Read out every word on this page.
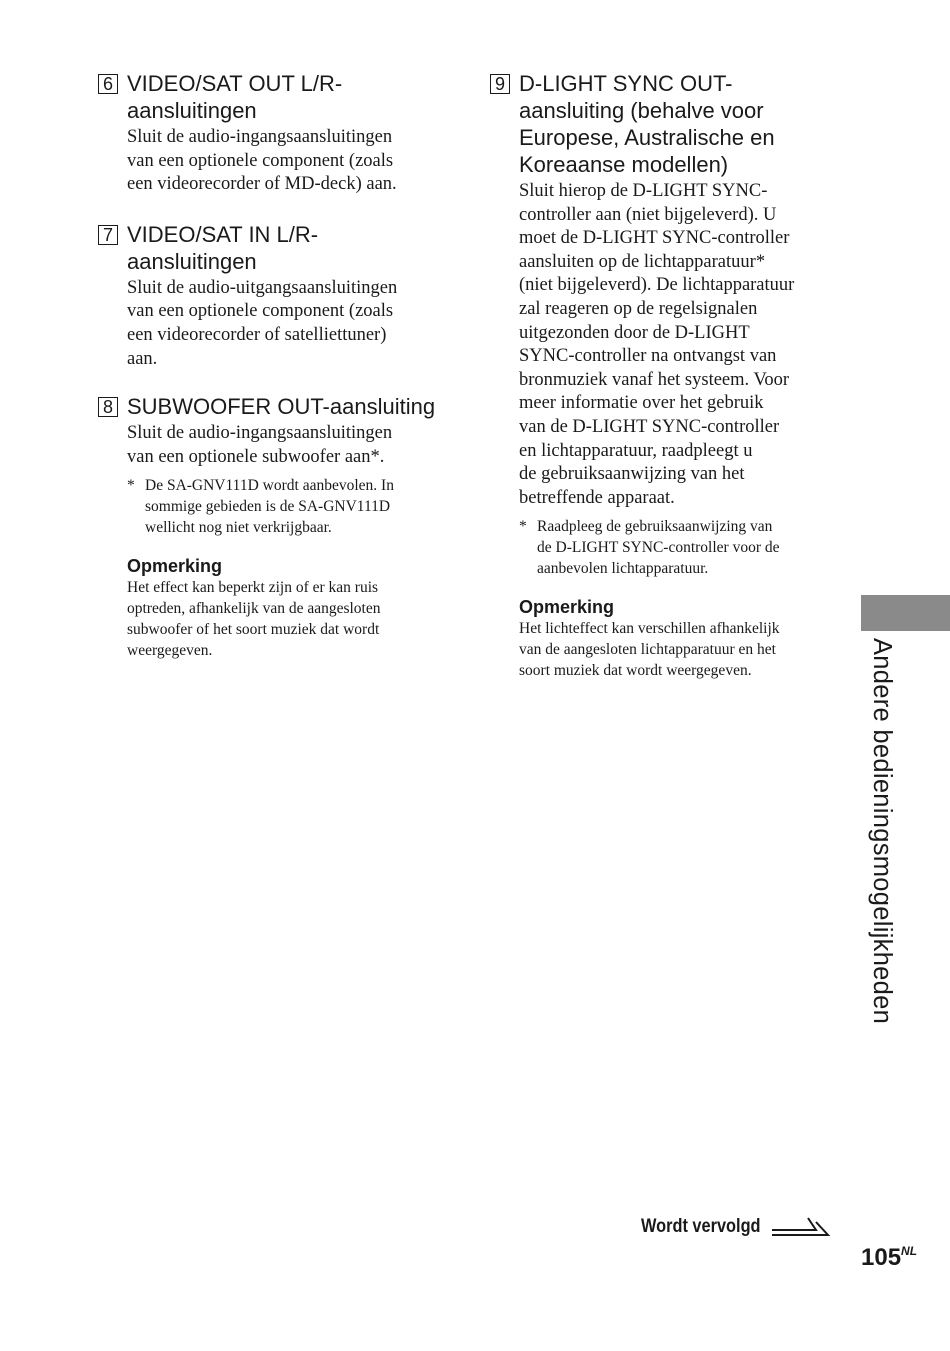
6 VIDEO/SAT OUT L/R-
aansluitingen
Sluit de audio-ingangsaansluitingen
van een optionele component (zoals
een videorecorder of MD-deck) aan.
7 VIDEO/SAT IN L/R-
aansluitingen
Sluit de audio-uitgangsaansluitingen
van een optionele component (zoals
een videorecorder of satelliettuner)
aan.
8 SUBWOOFER OUT-aansluiting
Sluit de audio-ingangsaansluitingen
van een optionele subwoofer aan*.
* De SA-GNV111D wordt aanbevolen. In
sommige gebieden is de SA-GNV111D
wellicht nog niet verkrijgbaar.
Opmerking
Het effect kan beperkt zijn of er kan ruis
optreden, afhankelijk van de aangesloten
subwoofer of het soort muziek dat wordt
weergegeven.
9 D-LIGHT SYNC OUT-
aansluiting (behalve voor
Europese, Australische en
Koreaanse modellen)
Sluit hierop de D-LIGHT SYNC-
controller aan (niet bijgeleverd). U
moet de D-LIGHT SYNC-controller
aansluiten op de lichtapparatuur*
(niet bijgeleverd). De lichtapparatuur
zal reageren op de regelsignalen
uitgezonden door de D-LIGHT
SYNC-controller na ontvangst van
bronmuziek vanaf het systeem. Voor
meer informatie over het gebruik
van de D-LIGHT SYNC-controller
en lichtapparatuur, raadpleegt u
de gebruiksaanwijzing van het
betreffende apparaat.
* Raadpleeg de gebruiksaanwijzing van
de D-LIGHT SYNC-controller voor de
aanbevolen lichtapparatuur.
Opmerking
Het lichteffect kan verschillen afhankelijk
van de aangesloten lichtapparatuur en het
soort muziek dat wordt weergegeven.	Andere bedieningsmogelijkheden
Wordt vervolgd
$105^{NL}$
